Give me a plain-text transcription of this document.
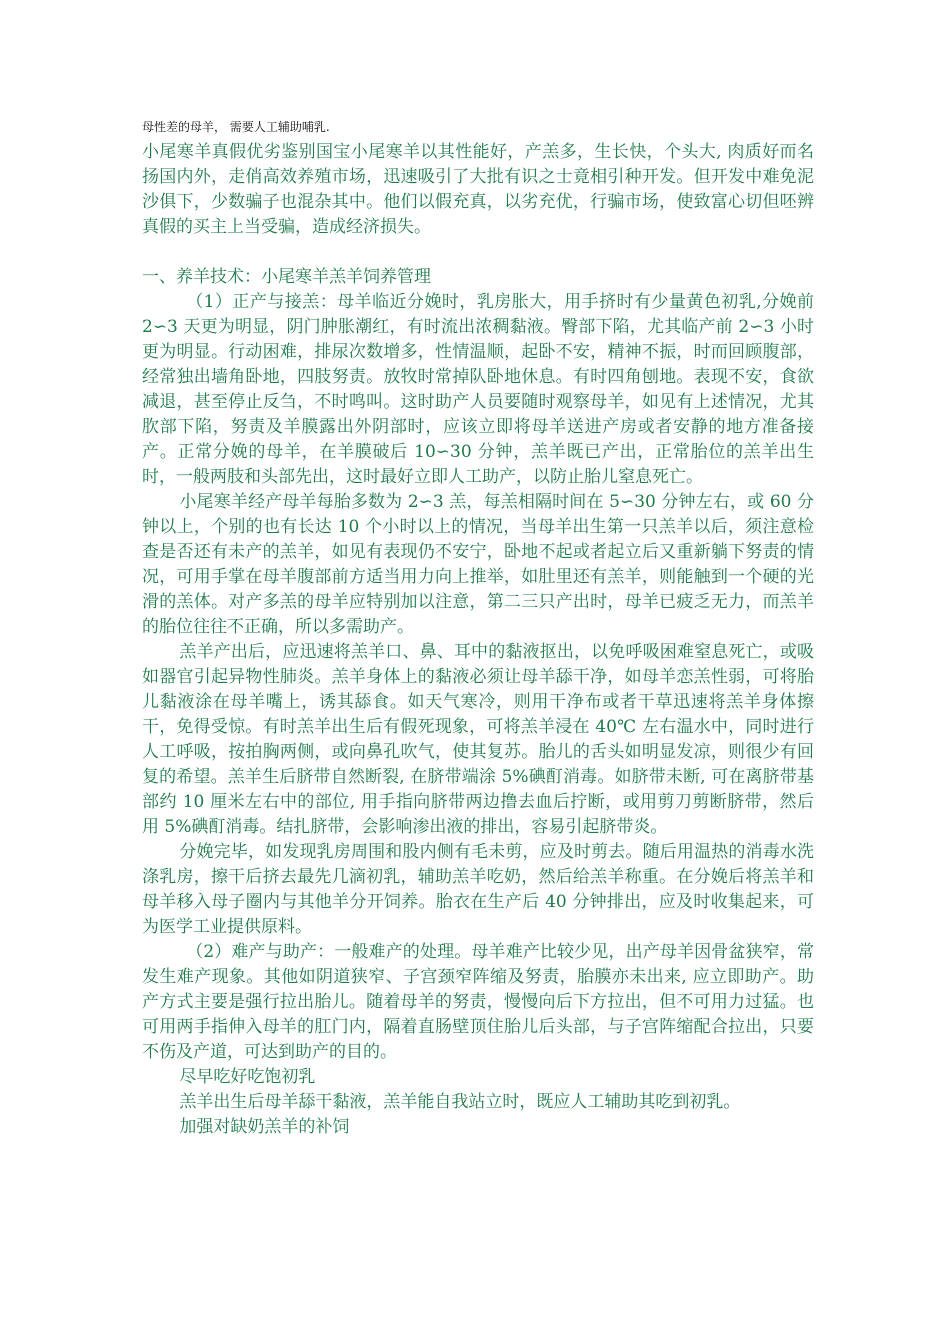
母性差的母羊， 需要人工辅助哺乳.

小尾寒羊真假优劣鉴别国宝小尾寒羊以其性能好，产羔多，生长快，个头大, 肉质好而名扬国内外，走俏高效养殖市场，迅速吸引了大批有识之士竟相引种开发。但开发中难免泥沙俱下，少数骗子也混杂其中。他们以假充真，以劣充优，行骗市场，使致富心切但呸辨真假的买主上当受骗，造成经济损失。

一、养羊技术：小尾寒羊羔羊饲养管理

（1）正产与接羔：母羊临近分娩时，乳房胀大，用手挤时有少量黄色初乳,分娩前 2∽3 天更为明显，阴门肿胀潮红，有时流出浓稠黏液。臀部下陷，尤其临产前 2∽3 小时更为明显。行动困难，排尿次数增多，性情温顺，起卧不安，精神不振，时而回顾腹部，经常独出墙角卧地，四肢努责。放牧时常掉队卧地休息。有时四角刨地。表现不安，食欲减退，甚至停止反刍，不时鸣叫。这时助产人员要随时观察母羊，如见有上述情况，尤其肷部下陷，努责及羊膜露出外阴部时，应该立即将母羊送进产房或者安静的地方准备接产。正常分娩的母羊，在羊膜破后 10∽30 分钟，羔羊既已产出，正常胎位的羔羊出生时，一般两肢和头部先出，这时最好立即人工助产，以防止胎儿窒息死亡。

小尾寒羊经产母羊每胎多数为 2∽3 羔，每羔相隔时间在 5∽30 分钟左右，或 60 分钟以上，个别的也有长达 10 个小时以上的情况，当母羊出生第一只羔羊以后，须注意检查是否还有未产的羔羊，如见有表现仍不安宁，卧地不起或者起立后又重新躺下努责的情况，可用手掌在母羊腹部前方适当用力向上推举，如肚里还有羔羊，则能触到一个硬的光滑的羔体。对产多羔的母羊应特别加以注意，第二三只产出时，母羊已疲乏无力，而羔羊的胎位往往不正确，所以多需助产。

羔羊产出后，应迅速将羔羊口、鼻、耳中的黏液抠出，以免呼吸困难窒息死亡，或吸如器官引起异物性肺炎。羔羊身体上的黏液必须让母羊舔干净，如母羊恋羔性弱，可将胎儿黏液涂在母羊嘴上，诱其舔食。如天气寒冷，则用干净布或者干草迅速将羔羊身体擦干，免得受惊。有时羔羊出生后有假死现象，可将羔羊浸在 40℃ 左右温水中，同时进行人工呼吸，按拍胸两侧，或向鼻孔吹气，使其复苏。胎儿的舌头如明显发凉，则很少有回复的希望。羔羊生后脐带自然断裂, 在脐带端涂 5%碘酊消毒。如脐带未断, 可在离脐带基部约 10 厘米左右中的部位, 用手指向脐带两边撸去血后拧断，或用剪刀剪断脐带，然后用 5%碘酊消毒。结扎脐带，会影响渗出液的排出，容易引起脐带炎。

分娩完毕，如发现乳房周围和股内侧有毛未剪，应及时剪去。随后用温热的消毒水洗涤乳房，擦干后挤去最先几滴初乳，辅助羔羊吃奶，然后给羔羊称重。在分娩后将羔羊和母羊移入母子圈内与其他羊分开饲养。胎衣在生产后 40 分钟排出，应及时收集起来，可为医学工业提供原料。

（2）难产与助产：一般难产的处理。母羊难产比较少见，出产母羊因骨盆狭窄，常发生难产现象。其他如阴道狭窄、子宫颈窄阵缩及努责，胎膜亦未出来, 应立即助产。助产方式主要是强行拉出胎儿。随着母羊的努责，慢慢向后下方拉出，但不可用力过猛。也可用两手指伸入母羊的肛门内，隔着直肠壁顶住胎儿后头部，与子宫阵缩配合拉出，只要不伤及产道，可达到助产的目的。

尽早吃好吃饱初乳

羔羊出生后母羊舔干黏液，羔羊能自我站立时，既应人工辅助其吃到初乳。

加强对缺奶羔羊的补饲
